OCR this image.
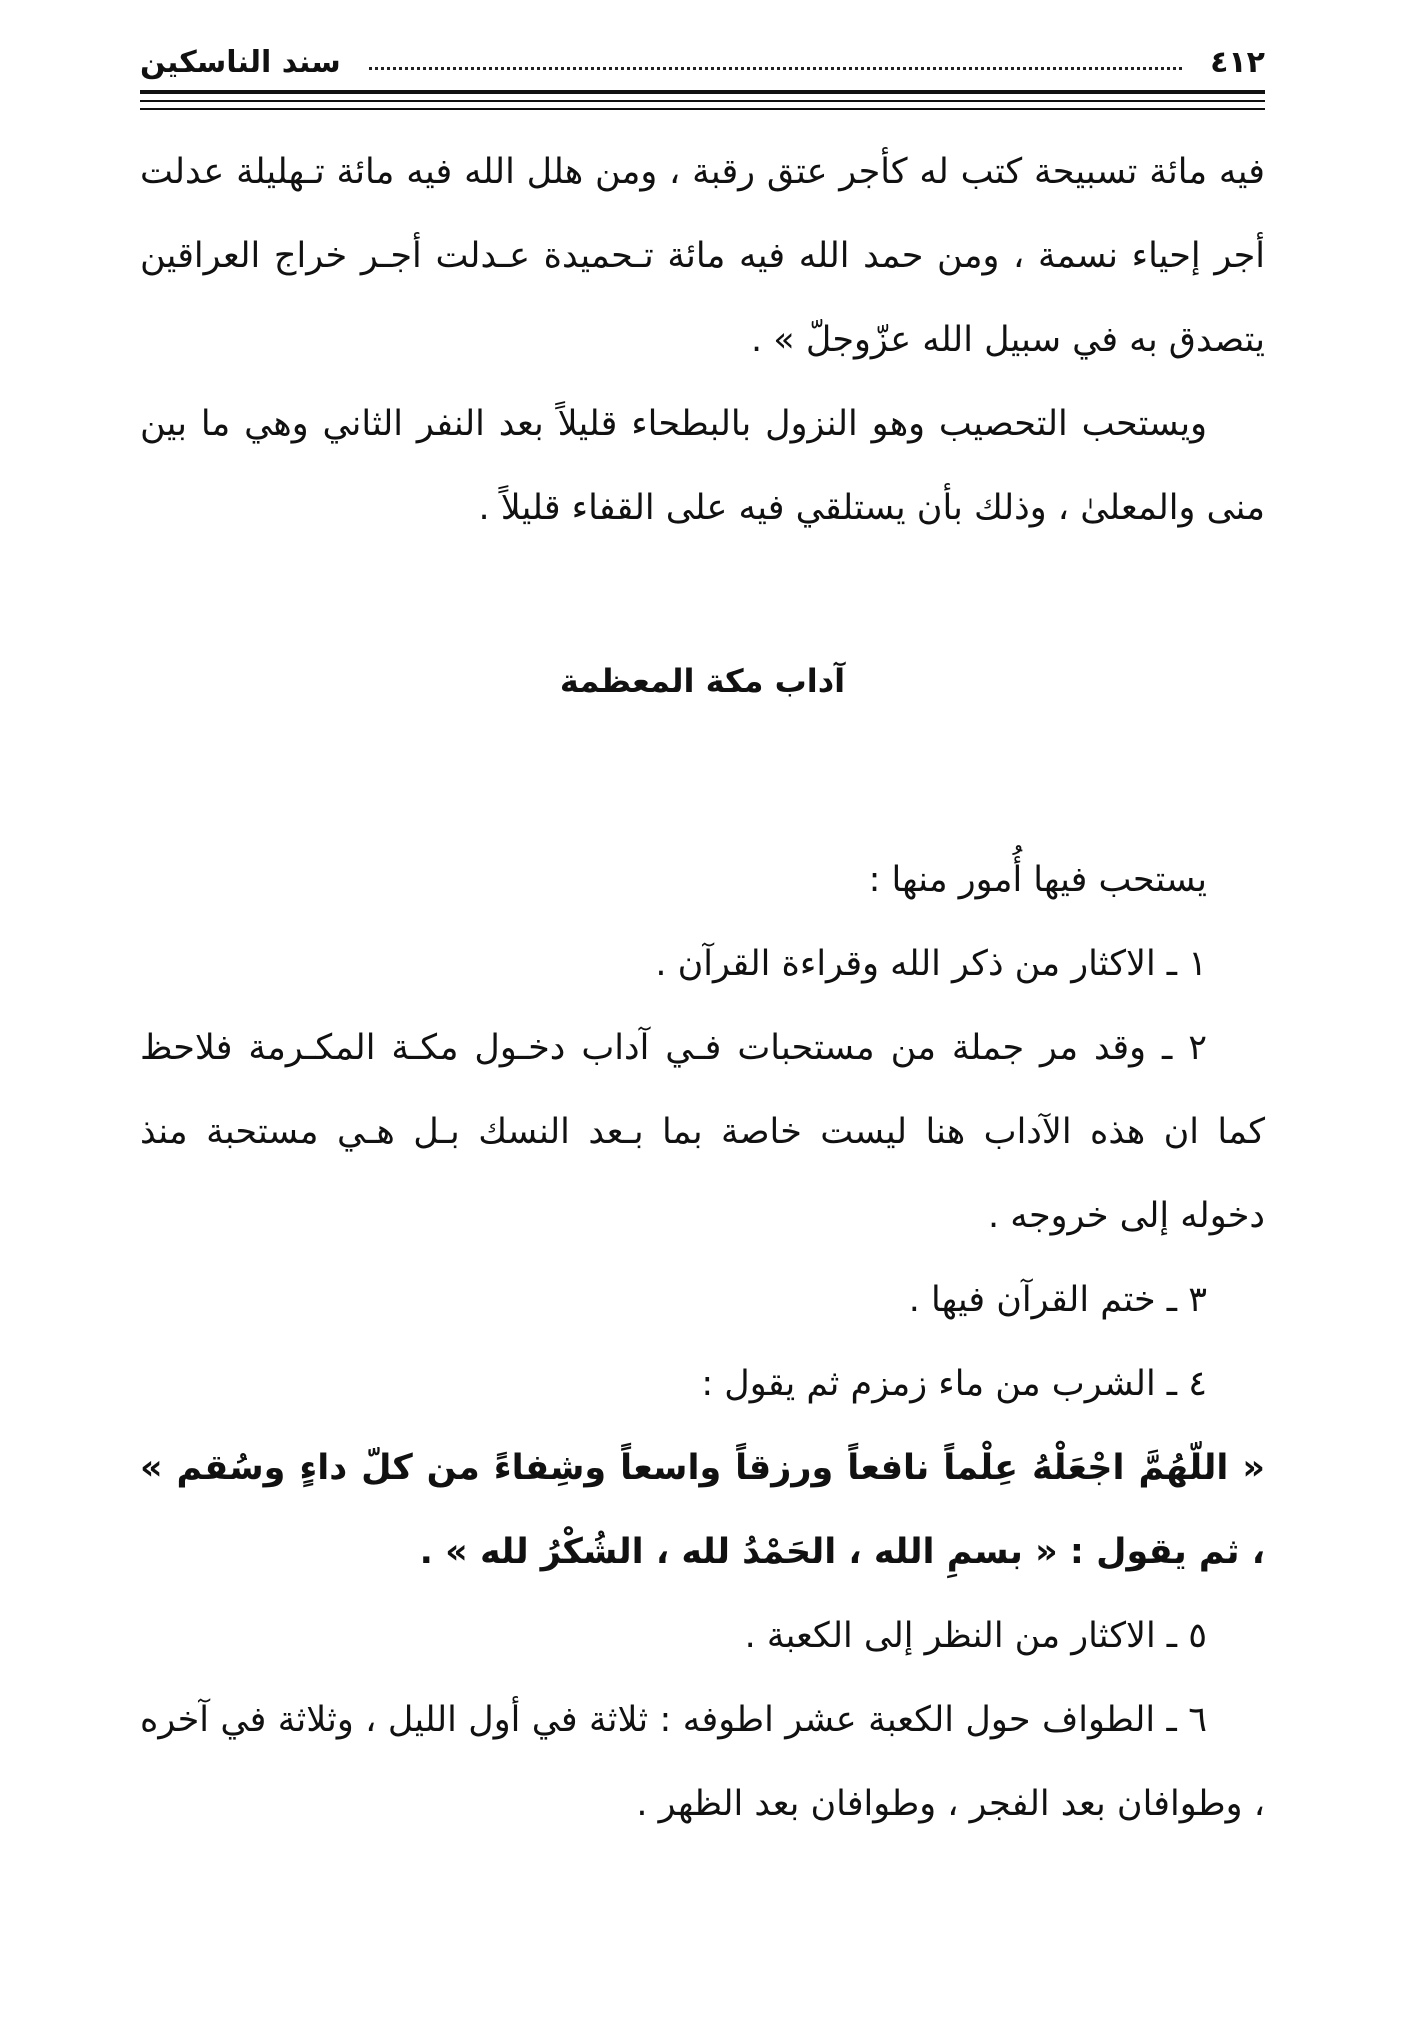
٤١٢
سند الناسكين

فيه مائة تسبيحة كتب له كأجر عتق رقبة ، ومن هلل الله فيه مائة تـهليلة عدلت أجر إحياء نسمة ، ومن حمد الله فيه مائة تـحميدة عـدلت أجـر خراج العراقين يتصدق به في سبيل الله عزّوجلّ » .

ويستحب التحصيب وهو النزول بالبطحاء قليلاً بعد النفر الثاني وهي ما بين منى والمعلىٰ ، وذلك بأن يستلقي فيه على القفاء قليلاً .

آداب مكة المعظمة

يستحب فيها أُمور منها :

١ ـ الاكثار من ذكر الله وقراءة القرآن .

٢ ـ وقد مر جملة من مستحبات فـي آداب دخـول مكـة المكـرمة فلاحظ كما ان هذه الآداب هنا ليست خاصة بما بـعد النسك بـل هـي مستحبة منذ دخوله إلى خروجه .

٣ ـ ختم القرآن فيها .

٤ ـ الشرب من ماء زمزم ثم يقول :

« اللّهُمَّ اجْعَلْهُ عِلْماً نافعاً ورزقاً واسعاً وشِفاءً من كلّ داءٍ وسُقم » ، ثم يقول : « بسمِ الله ، الحَمْدُ لله ، الشُكْرُ لله » .

٥ ـ الاكثار من النظر إلى الكعبة .

٦ ـ الطواف حول الكعبة عشر اطوفه : ثلاثة في أول الليل ، وثلاثة في آخره ، وطوافان بعد الفجر ، وطوافان بعد الظهر .
